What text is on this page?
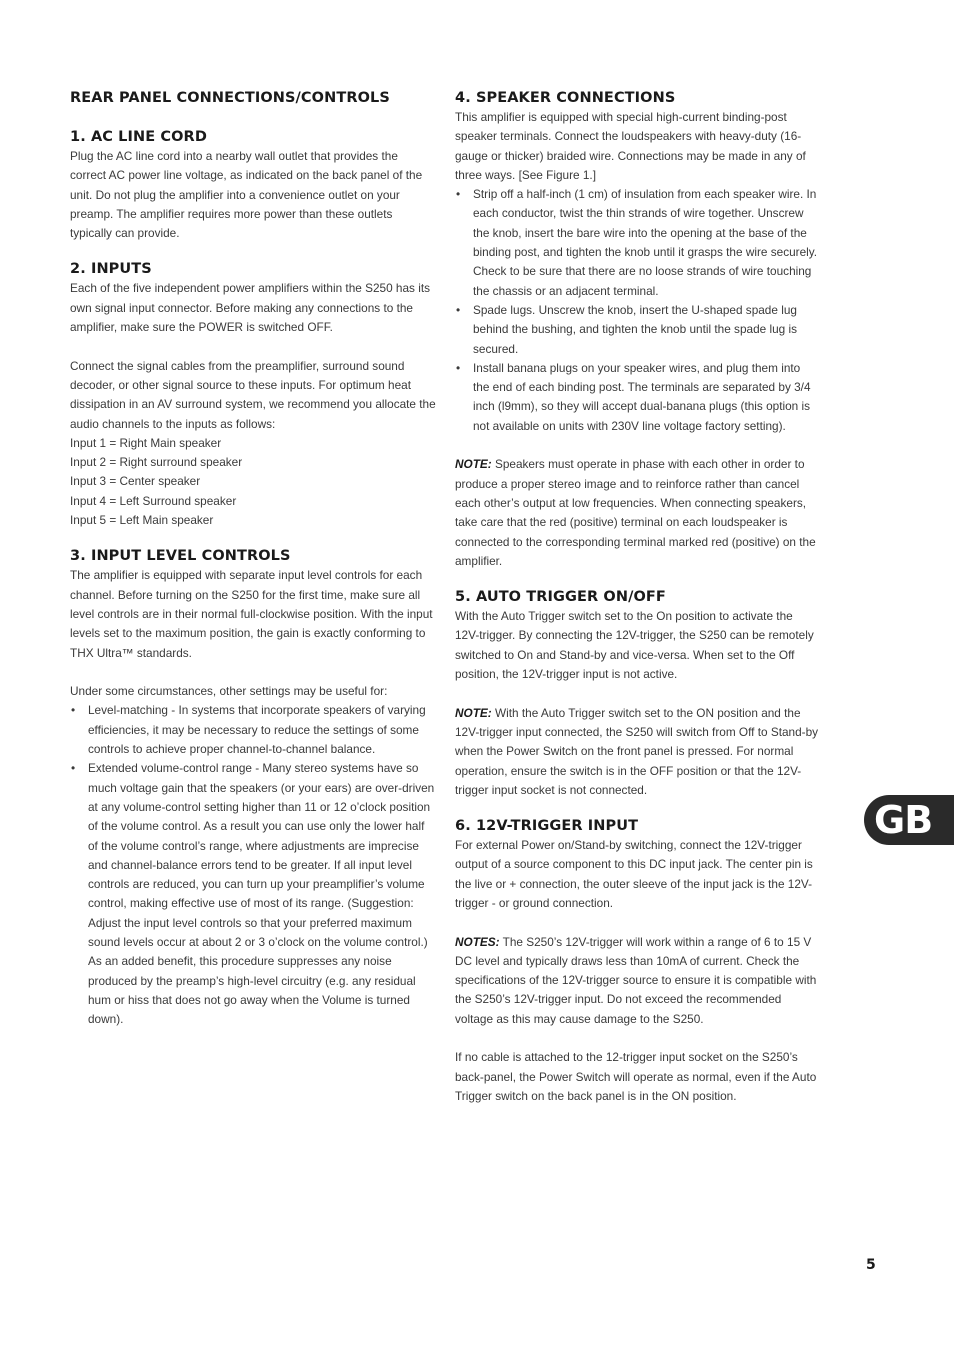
REAR PANEL CONNECTIONS/CONTROLS
1. AC LINE CORD

Plug the AC line cord into a nearby wall outlet that provides the correct AC power line voltage, as indicated on the back panel of the unit. Do not plug the amplifier into a convenience outlet on your preamp. The amplifier requires more power than these outlets typically can provide.

2. INPUTS

Each of the five independent power amplifiers within the S250 has its own signal input connector. Before making any connections to the amplifier, make sure the POWER is switched OFF.

Connect the signal cables from the preamplifier, surround sound decoder, or other signal source to these inputs. For optimum heat dissipation in an AV surround system, we recommend you allocate the audio channels to the inputs as follows:

Input 1 = Right Main speaker

Input 2 = Right surround speaker

Input 3 = Center speaker

Input 4 = Left Surround speaker

Input 5 = Left Main speaker

3. INPUT LEVEL CONTROLS

The amplifier is equipped with separate input level controls for each channel. Before turning on the S250 for the first time, make sure all level controls are in their normal full-clockwise position. With the input levels set to the maximum position, the gain is exactly conforming to THX Ultra™ standards.

Under some circumstances, other settings may be useful for:

• Level-matching - In systems that incorporate speakers of varying efficiencies, it may be necessary to reduce the settings of some controls to achieve proper channel-to-channel balance.
• Extended volume-control range - Many stereo systems have so much voltage gain that the speakers (or your ears) are over-driven at any volume-control setting higher than 11 or 12 o’clock position of the volume control. As a result you can use only the lower half of the volume control’s range, where adjustments are imprecise and channel-balance errors tend to be greater. If all input level controls are reduced, you can turn up your preamplifier’s volume control, making effective use of most of its range. (Suggestion: Adjust the input level controls so that your preferred maximum sound levels occur at about 2 or 3 o’clock on the volume control.) As an added benefit, this procedure suppresses any noise produced by the preamp’s high-level circuitry (e.g. any residual hum or hiss that does not go away when the Volume is turned down).
4. SPEAKER CONNECTIONS

This amplifier is equipped with special high-current binding-post speaker terminals. Connect the loudspeakers with heavy-duty (16-gauge or thicker) braided wire. Connections may be made in any of three ways. [See Figure 1.]

• Strip off a half-inch (1 cm) of insulation from each speaker wire. In each conductor, twist the thin strands of wire together. Unscrew the knob, insert the bare wire into the opening at the base of the binding post, and tighten the knob until it grasps the wire securely. Check to be sure that there are no loose strands of wire touching the chassis or an adjacent terminal.
• Spade lugs. Unscrew the knob, insert the U-shaped spade lug behind the bushing, and tighten the knob until the spade lug is secured.
• Install banana plugs on your speaker wires, and plug them into the end of each binding post. The terminals are separated by 3/4 inch (l9mm), so they will accept dual-banana plugs (this option is not available on units with 230V line voltage factory setting).

NOTE: Speakers must operate in phase with each other in order to produce a proper stereo image and to reinforce rather than cancel each other’s output at low frequencies. When connecting speakers, take care that the red (positive) terminal on each loudspeaker is connected to the corresponding terminal marked red (positive) on the amplifier.

5. AUTO TRIGGER ON/OFF

With the Auto Trigger switch set to the On position to activate the 12V-trigger. By connecting the 12V-trigger, the S250 can be remotely switched to On and Stand-by and vice-versa. When set to the Off position, the 12V-trigger input is not active.

NOTE: With the Auto Trigger switch set to the ON position and the 12V-trigger input connected, the S250 will switch from Off to Stand-by when the Power Switch on the front panel is pressed. For normal operation, ensure the switch is in the OFF position or that the 12V-trigger input socket is not connected.

6. 12V-TRIGGER INPUT

For external Power on/Stand-by switching, connect the 12V-trigger output of a source component to this DC input jack. The center pin is the live or + connection, the outer sleeve of the input jack is the 12V-trigger - or ground connection.

NOTES: The S250’s 12V-trigger will work within a range of 6 to 15 V DC level and typically draws less than 10mA of current. Check the specifications of the 12V-trigger source to ensure it is compatible with the S250’s 12V-trigger input. Do not exceed the recommended voltage as this may cause damage to the S250.

If no cable is attached to the 12-trigger input socket on the S250’s back-panel, the Power Switch will operate as normal, even if the Auto Trigger switch on the back panel is in the ON position.

GB
5
